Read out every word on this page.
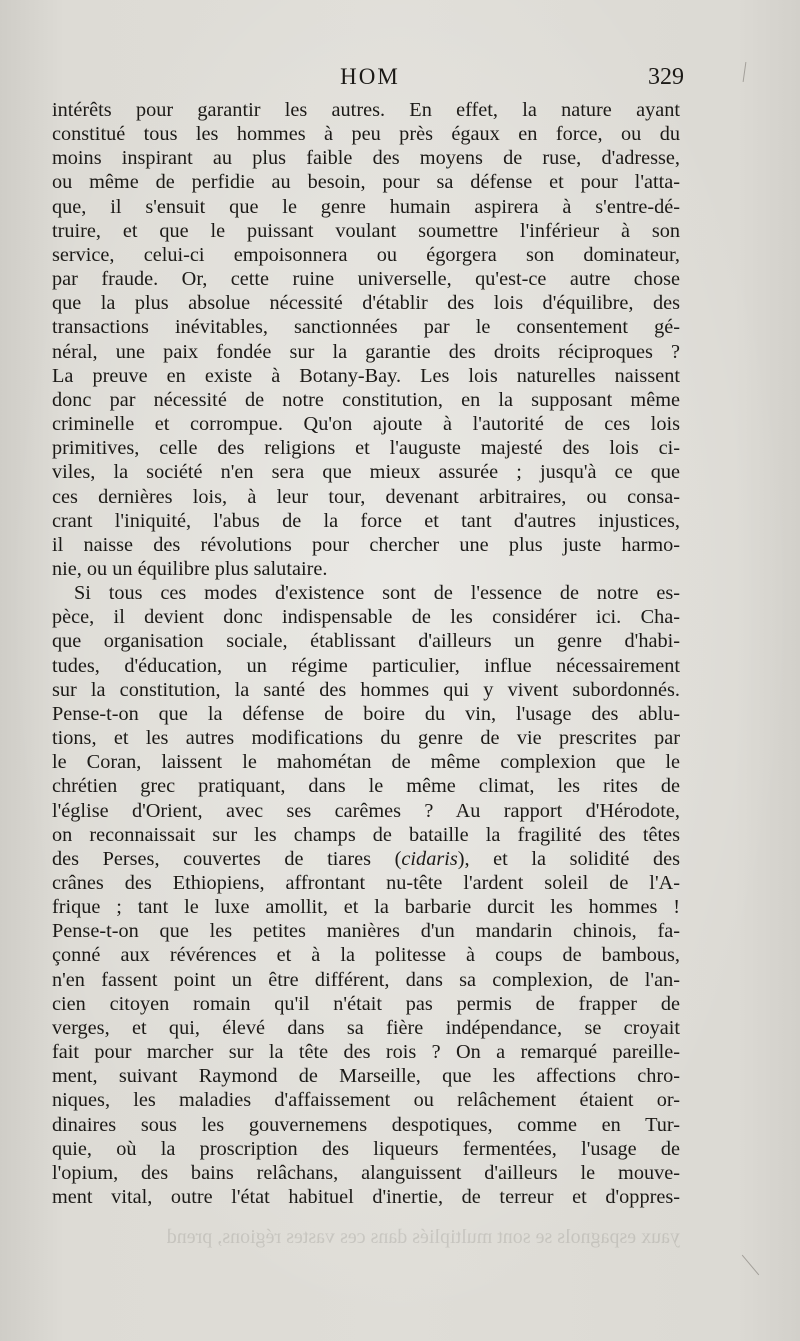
HOM	329
intérêts pour garantir les autres. En effet, la nature ayant
constitué tous les hommes à peu près égaux en force, ou du
moins inspirant au plus faible des moyens de ruse, d'adresse,
ou même de perfidie au besoin, pour sa défense et pour l'atta-
que, il s'ensuit que le genre humain aspirera à s'entre-dé-
truire, et que le puissant voulant soumettre l'inférieur à son
service, celui-ci empoisonnera ou égorgera son dominateur,
par fraude. Or, cette ruine universelle, qu'est-ce autre chose
que la plus absolue nécessité d'établir des lois d'équilibre, des
transactions inévitables, sanctionnées par le consentement gé-
néral, une paix fondée sur la garantie des droits réciproques ?
La preuve en existe à Botany-Bay. Les lois naturelles naissent
donc par nécessité de notre constitution, en la supposant même
criminelle et corrompue. Qu'on ajoute à l'autorité de ces lois
primitives, celle des religions et l'auguste majesté des lois ci-
viles, la société n'en sera que mieux assurée ; jusqu'à ce que
ces dernières lois, à leur tour, devenant arbitraires, ou consa-
crant l'iniquité, l'abus de la force et tant d'autres injustices,
il naisse des révolutions pour chercher une plus juste harmo-
nie, ou un équilibre plus salutaire.
Si tous ces modes d'existence sont de l'essence de notre es-
pèce, il devient donc indispensable de les considérer ici. Cha-
que organisation sociale, établissant d'ailleurs un genre d'habi-
tudes, d'éducation, un régime particulier, influe nécessairement
sur la constitution, la santé des hommes qui y vivent subordonnés.
Pense-t-on que la défense de boire du vin, l'usage des ablu-
tions, et les autres modifications du genre de vie prescrites par
le Coran, laissent le mahométan de même complexion que le
chrétien grec pratiquant, dans le même climat, les rites de
l'église d'Orient, avec ses carêmes ? Au rapport d'Hérodote,
on reconnaissait sur les champs de bataille la fragilité des têtes
des Perses, couvertes de tiares (cidaris), et la solidité des
crânes des Ethiopiens, affrontant nu-tête l'ardent soleil de l'A-
frique ; tant le luxe amollit, et la barbarie durcit les hommes !
Pense-t-on que les petites manières d'un mandarin chinois, fa-
çonné aux révérences et à la politesse à coups de bambous,
n'en fassent point un être différent, dans sa complexion, de l'an-
cien citoyen romain qu'il n'était pas permis de frapper de
verges, et qui, élevé dans sa fière indépendance, se croyait
fait pour marcher sur la tête des rois ? On a remarqué pareille-
ment, suivant Raymond de Marseille, que les affections chro-
niques, les maladies d'affaissement ou relâchement étaient or-
dinaires sous les gouvernemens despotiques, comme en Tur-
quie, où la proscription des liqueurs fermentées, l'usage de
l'opium, des bains relâchans, alanguissent d'ailleurs le mouve-
ment vital, outre l'état habituel d'inertie, de terreur et d'oppres-
yaux espagnols se sont multipliés dans ces vastes régions, prend
